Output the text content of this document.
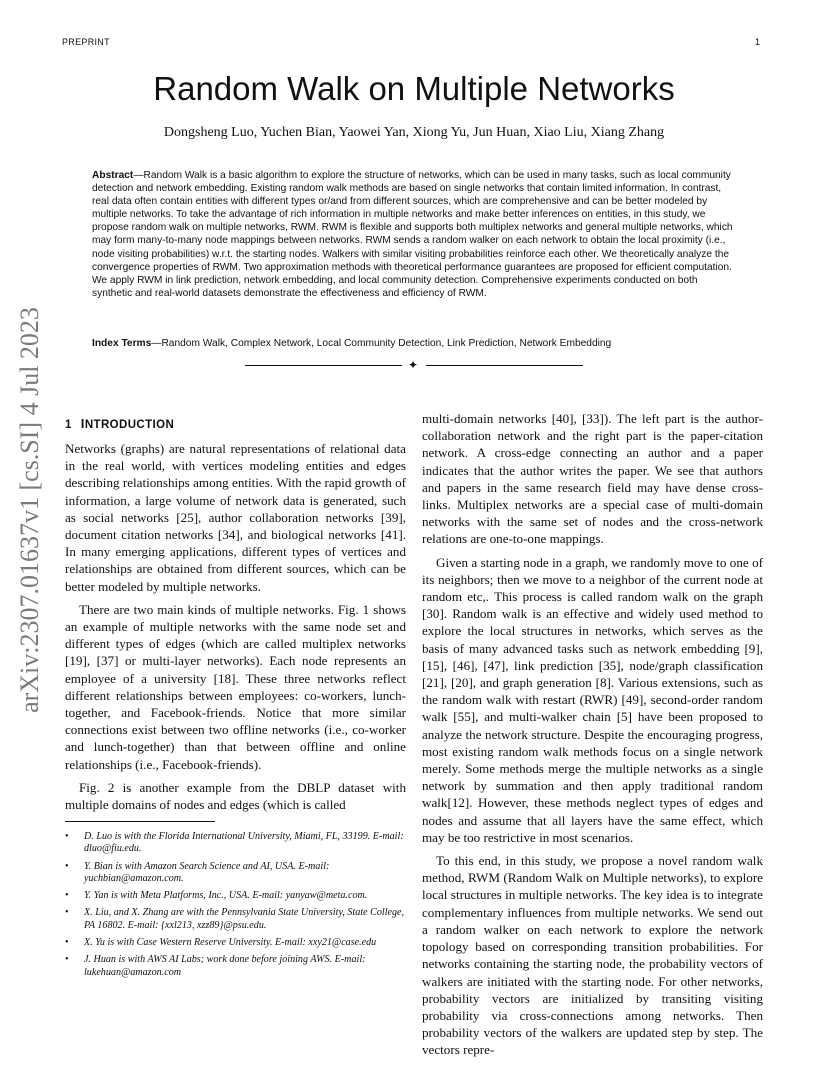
PREPRINT	1
Random Walk on Multiple Networks
Dongsheng Luo, Yuchen Bian, Yaowei Yan, Xiong Yu, Jun Huan, Xiao Liu, Xiang Zhang
Abstract—Random Walk is a basic algorithm to explore the structure of networks, which can be used in many tasks, such as local community detection and network embedding. Existing random walk methods are based on single networks that contain limited information. In contrast, real data often contain entities with different types or/and from different sources, which are comprehensive and can be better modeled by multiple networks. To take the advantage of rich information in multiple networks and make better inferences on entities, in this study, we propose random walk on multiple networks, RWM. RWM is flexible and supports both multiplex networks and general multiple networks, which may form many-to-many node mappings between networks. RWM sends a random walker on each network to obtain the local proximity (i.e., node visiting probabilities) w.r.t. the starting nodes. Walkers with similar visiting probabilities reinforce each other. We theoretically analyze the convergence properties of RWM. Two approximation methods with theoretical performance guarantees are proposed for efficient computation. We apply RWM in link prediction, network embedding, and local community detection. Comprehensive experiments conducted on both synthetic and real-world datasets demonstrate the effectiveness and efficiency of RWM.
Index Terms—Random Walk, Complex Network, Local Community Detection, Link Prediction, Network Embedding
✦
arXiv:2307.01637v1 [cs.SI] 4 Jul 2023 1 INTRODUCTION

Networks (graphs) are natural representations of relational data in the real world, with vertices modeling entities and edges describing relationships among entities. With the rapid growth of information, a large volume of network data is generated, such as social networks [25], author collaboration networks [39], document citation networks [34], and biological networks [41]. In many emerging applications, different types of vertices and relationships are obtained from different sources, which can be better modeled by multiple networks.

There are two main kinds of multiple networks. Fig. 1 shows an example of multiple networks with the same node set and different types of edges (which are called multiplex networks [19], [37] or multi-layer networks). Each node represents an employee of a university [18]. These three networks reflect different relationships between employees: co-workers, lunch-together, and Facebook-friends. Notice that more similar connections exist between two offline networks (i.e., co-worker and lunch-together) than that between offline and online relationships (i.e., Facebook-friends).

Fig. 2 is another example from the DBLP dataset with multiple domains of nodes and edges (which is called

• D. Luo is with the Florida International University, Miami, FL, 33199. E-mail: dluo@fiu.edu.
• Y. Bian is with Amazon Search Science and AI, USA. E-mail: yuchbian@amazon.com.
• Y. Yan is with Meta Platforms, Inc., USA. E-mail: yanyaw@meta.com.
• X. Liu, and X. Zhang are with the Pennsylvania State University, State College, PA 16802. E-mail: {xxl213, xzz89}@psu.edu.
• X. Yu is with Case Western Reserve University. E-mail: xxy21@case.edu
• J. Huan is with AWS AI Labs; work done before joining AWS. E-mail: lukehuan@amazon.com

multi-domain networks [40], [33]). The left part is the author-collaboration network and the right part is the paper-citation network. A cross-edge connecting an author and a paper indicates that the author writes the paper. We see that authors and papers in the same research field may have dense cross-links. Multiplex networks are a special case of multi-domain networks with the same set of nodes and the cross-network relations are one-to-one mappings.

Given a starting node in a graph, we randomly move to one of its neighbors; then we move to a neighbor of the current node at random etc,. This process is called random walk on the graph [30]. Random walk is an effective and widely used method to explore the local structures in networks, which serves as the basis of many advanced tasks such as network embedding [9], [15], [46], [47], link prediction [35], node/graph classification [21], [20], and graph generation [8]. Various extensions, such as the random walk with restart (RWR) [49], second-order random walk [55], and multi-walker chain [5] have been proposed to analyze the network structure. Despite the encouraging progress, most existing random walk methods focus on a single network merely. Some methods merge the multiple networks as a single network by summation and then apply traditional random walk[12]. However, these methods neglect types of edges and nodes and assume that all layers have the same effect, which may be too restrictive in most scenarios.

To this end, in this study, we propose a novel random walk method, RWM (Random Walk on Multiple networks), to explore local structures in multiple networks. The key idea is to integrate complementary influences from multiple networks. We send out a random walker on each network to explore the network topology based on corresponding transition probabilities. For networks containing the starting node, the probability vectors of walkers are initiated with the starting node. For other networks, probability vectors are initialized by transiting visiting probability via cross-connections among networks. Then probability vectors of the walkers are updated step by step. The vectors repre-
